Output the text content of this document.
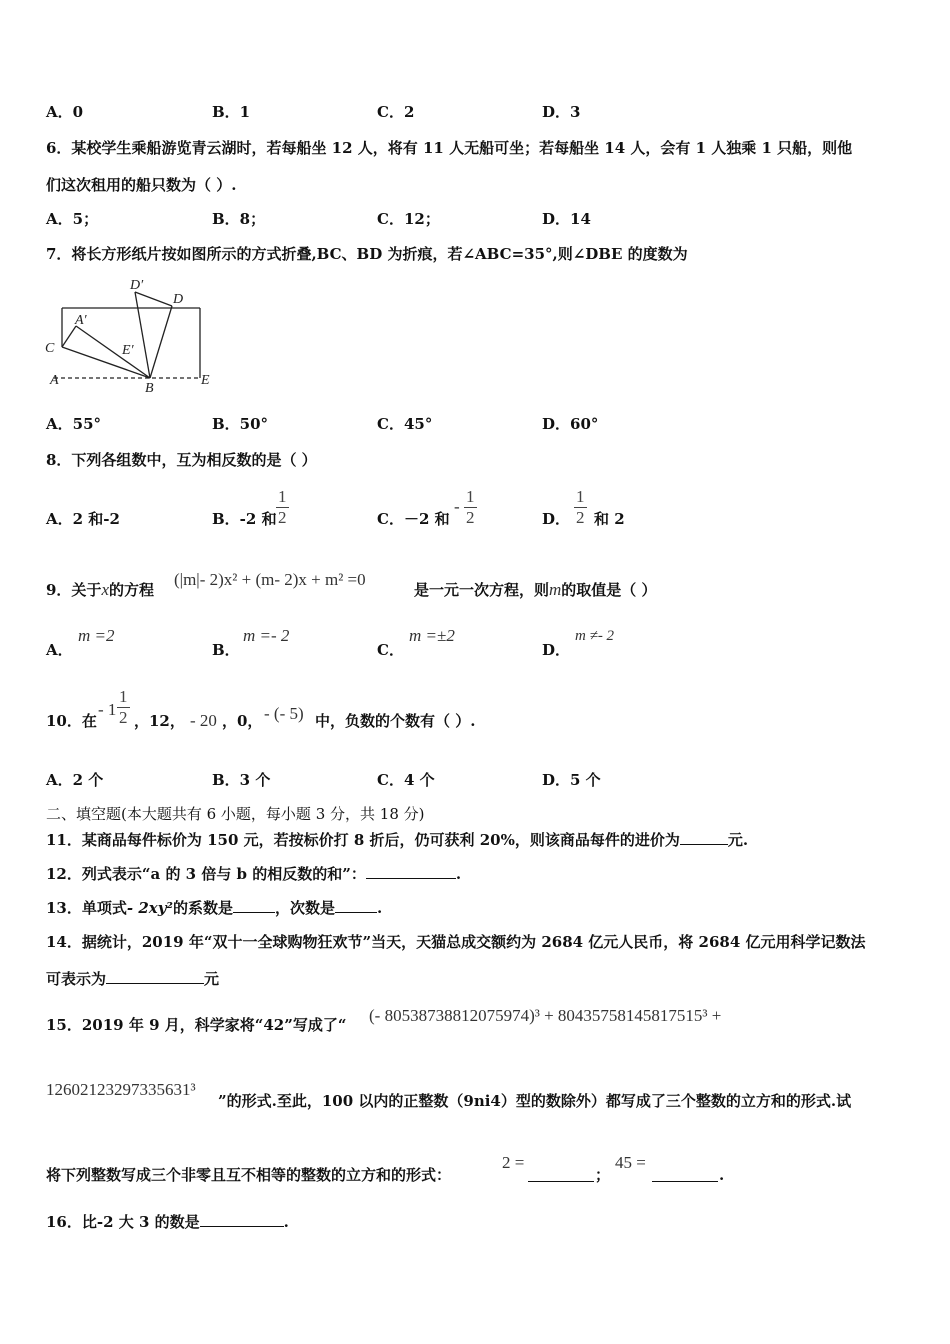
A．0	B．1	C．2	D．3
6．某校学生乘船游览青云湖时，若每船坐 12 人，将有 11 人无船可坐；若每船坐 14 人，会有 1 人独乘 1 只船，则他
们这次租用的船只数为（ ）.
A．5；	B．8；	C．12；	D．14
7．将长方形纸片按如图所示的方式折叠,BC、BD 为折痕，若∠ABC=35°,则∠DBE 的度数为
D′
D
A′
C	E′
A
B
E
A．55°	B．50°	C．45°	D．60°
8．下列各组数中，互为相反数的是（ ）
A．2 和-2	B．-2 和 $\frac{1}{2}$	C．－2 和
- $\frac{1}{2}$	D． $\frac{1}{2}$ 和 2
9．关于x的方程
(|m|- 2)x² + (m- 2)x + m² =0
是一元一次方程，则m的取值是（ ）
A．
m =2
B．
m =- 2
C．
m =±2
D．
m ≠- 2
10．在
- $1 \frac{1}{2}$ ，12， - 20 ，0， - (- 5) 中，负数的个数有（ ）.
A．2 个	B．3 个	C．4 个	D．5 个
二、填空题(本大题共有 6 小题，每小题 3 分，共 18 分)
11．某商品每件标价为 150 元，若按标价打 8 折后，仍可获利 20%，则该商品每件的进价为	元.
12．列式表示“a 的 3 倍与 b 的相反数的和”：	.
13．单项式- 2xy²的系数是	，次数是	.
14．据统计，2019 年“双十一全球购物狂欢节”当天，天猫总成交额约为 2684 亿元人民币，将 2684 亿元用科学记数法
可表示为	元
15．2019 年 9 月，科学家将“42”写成了“ (- 80538738812075974)³ + 80435758145817515³ +
12602123297335631³
”的形式.至此，100 以内的正整数（9ni4）型的数除外）都写成了三个整数的立方和的形式.试
将下列整数写成三个非零且互不相等的整数的立方和的形式：
2 =
；
45 =
.
16．比-2 大 3 的数是	.
